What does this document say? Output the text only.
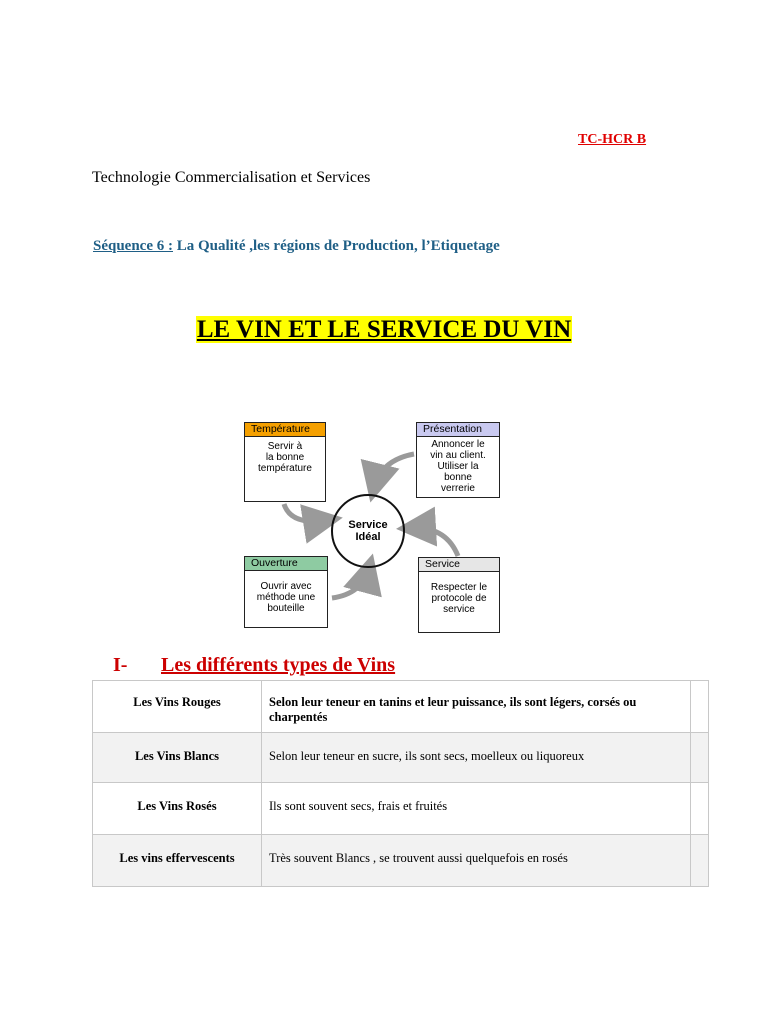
TC-HCR B
Technologie Commercialisation et Services
Séquence 6 : La Qualité ,les régions de Production, l’Etiquetage
LE VIN ET LE SERVICE DU VIN
Température
Servir à
la bonne
température
Présentation
Annoncer le
vin au client.
Utiliser la
bonne
verrerie
Service
Idéal
Ouverture
Ouvrir avec
méthode une
bouteille
Service
Respecter le
protocole de
service
I- Les différents types de Vins
Les Vins Rouges	Selon leur teneur en tanins et leur puissance, ils sont légers, corsés ou charpentés	
Les Vins Blancs	Selon leur teneur en sucre, ils sont secs, moelleux ou liquoreux	
Les Vins Rosés	Ils sont souvent secs, frais et fruités	
Les vins effervescents	Très souvent Blancs , se trouvent aussi quelquefois en rosés	
